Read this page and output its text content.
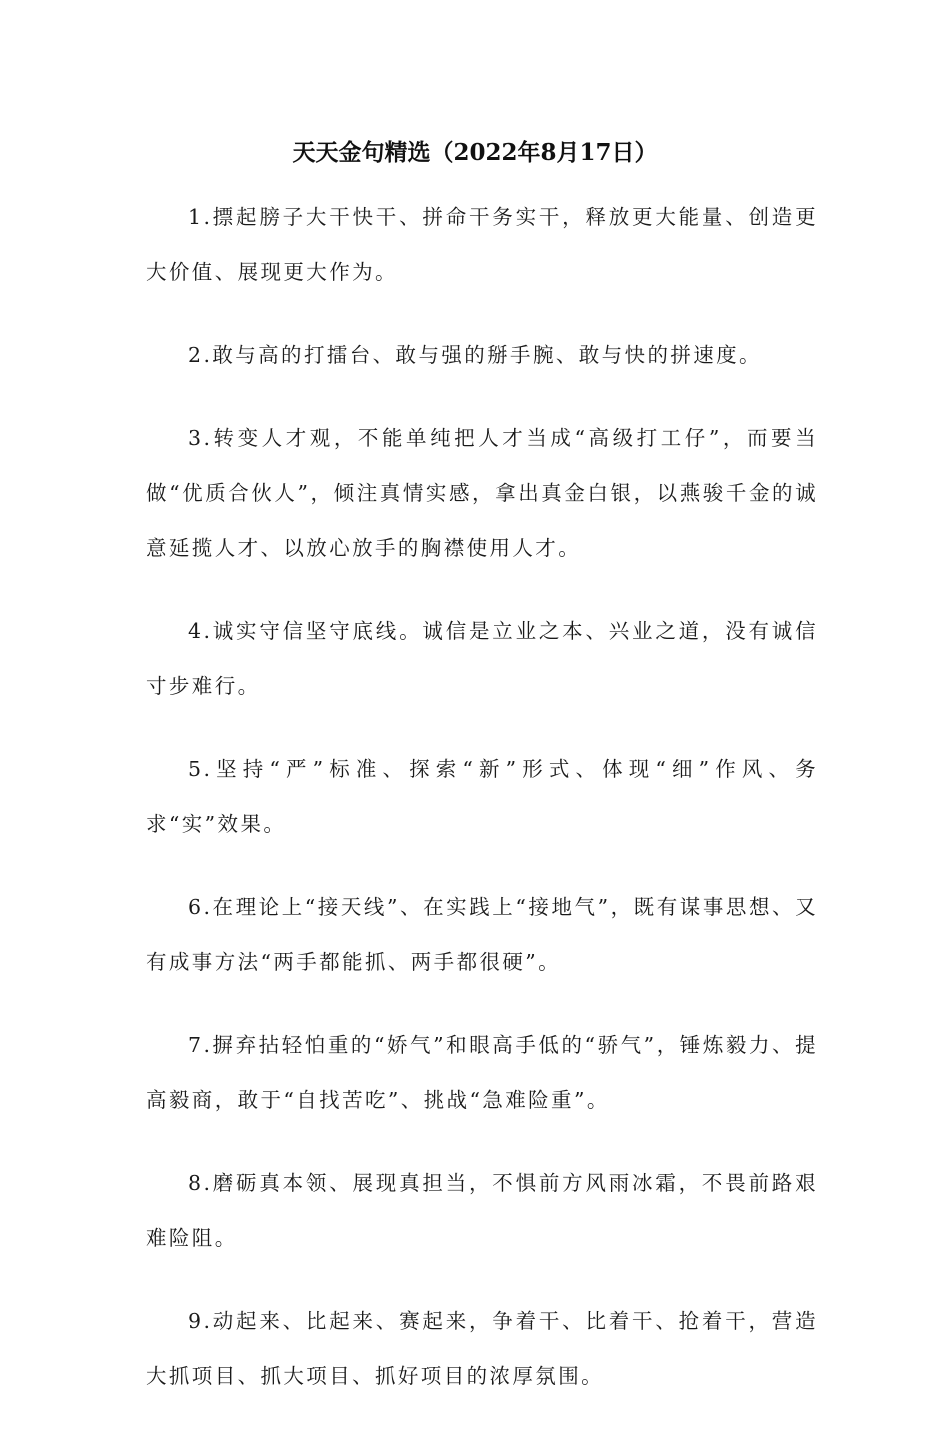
天天金句精选（2022年8月17日）

1.摽起膀子大干快干、拼命干务实干，释放更大能量、创造更大价值、展现更大作为。

2.敢与高的打擂台、敢与强的掰手腕、敢与快的拼速度。

3.转变人才观，不能单纯把人才当成“高级打工仔”，而要当做“优质合伙人”，倾注真情实感，拿出真金白银，以燕骏千金的诚意延揽人才、以放心放手的胸襟使用人才。

4.诚实守信坚守底线。诚信是立业之本、兴业之道，没有诚信寸步难行。

5.坚持“严”标准、探索“新”形式、体现“细”作风、务求“实”效果。

6.在理论上“接天线”、在实践上“接地气”，既有谋事思想、又有成事方法“两手都能抓、两手都很硬”。

7.摒弃拈轻怕重的“娇气”和眼高手低的“骄气”，锤炼毅力、提高毅商，敢于“自找苦吃”、挑战“急难险重”。

8.磨砺真本领、展现真担当，不惧前方风雨冰霜，不畏前路艰难险阻。

9.动起来、比起来、赛起来，争着干、比着干、抢着干，营造大抓项目、抓大项目、抓好项目的浓厚氛围。
